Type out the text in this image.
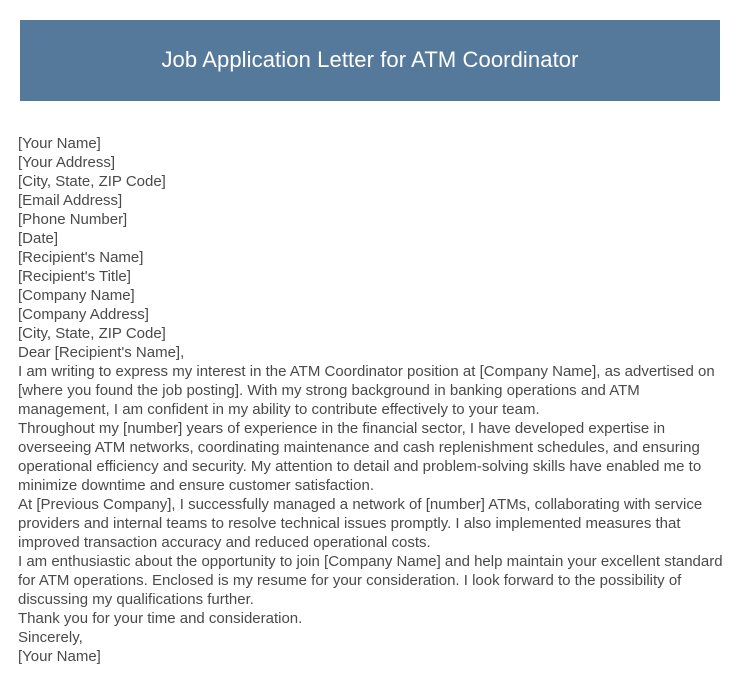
Job Application Letter for ATM Coordinator
[Your Name]
[Your Address]
[City, State, ZIP Code]
[Email Address]
[Phone Number]
[Date]
[Recipient's Name]
[Recipient's Title]
[Company Name]
[Company Address]
[City, State, ZIP Code]
Dear [Recipient's Name],
I am writing to express my interest in the ATM Coordinator position at [Company Name], as advertised on [where you found the job posting]. With my strong background in banking operations and ATM management, I am confident in my ability to contribute effectively to your team.
Throughout my [number] years of experience in the financial sector, I have developed expertise in overseeing ATM networks, coordinating maintenance and cash replenishment schedules, and ensuring operational efficiency and security. My attention to detail and problem-solving skills have enabled me to minimize downtime and ensure customer satisfaction.
At [Previous Company], I successfully managed a network of [number] ATMs, collaborating with service providers and internal teams to resolve technical issues promptly. I also implemented measures that improved transaction accuracy and reduced operational costs.
I am enthusiastic about the opportunity to join [Company Name] and help maintain your excellent standard for ATM operations. Enclosed is my resume for your consideration. I look forward to the possibility of discussing my qualifications further.
Thank you for your time and consideration.
Sincerely,
[Your Name]
